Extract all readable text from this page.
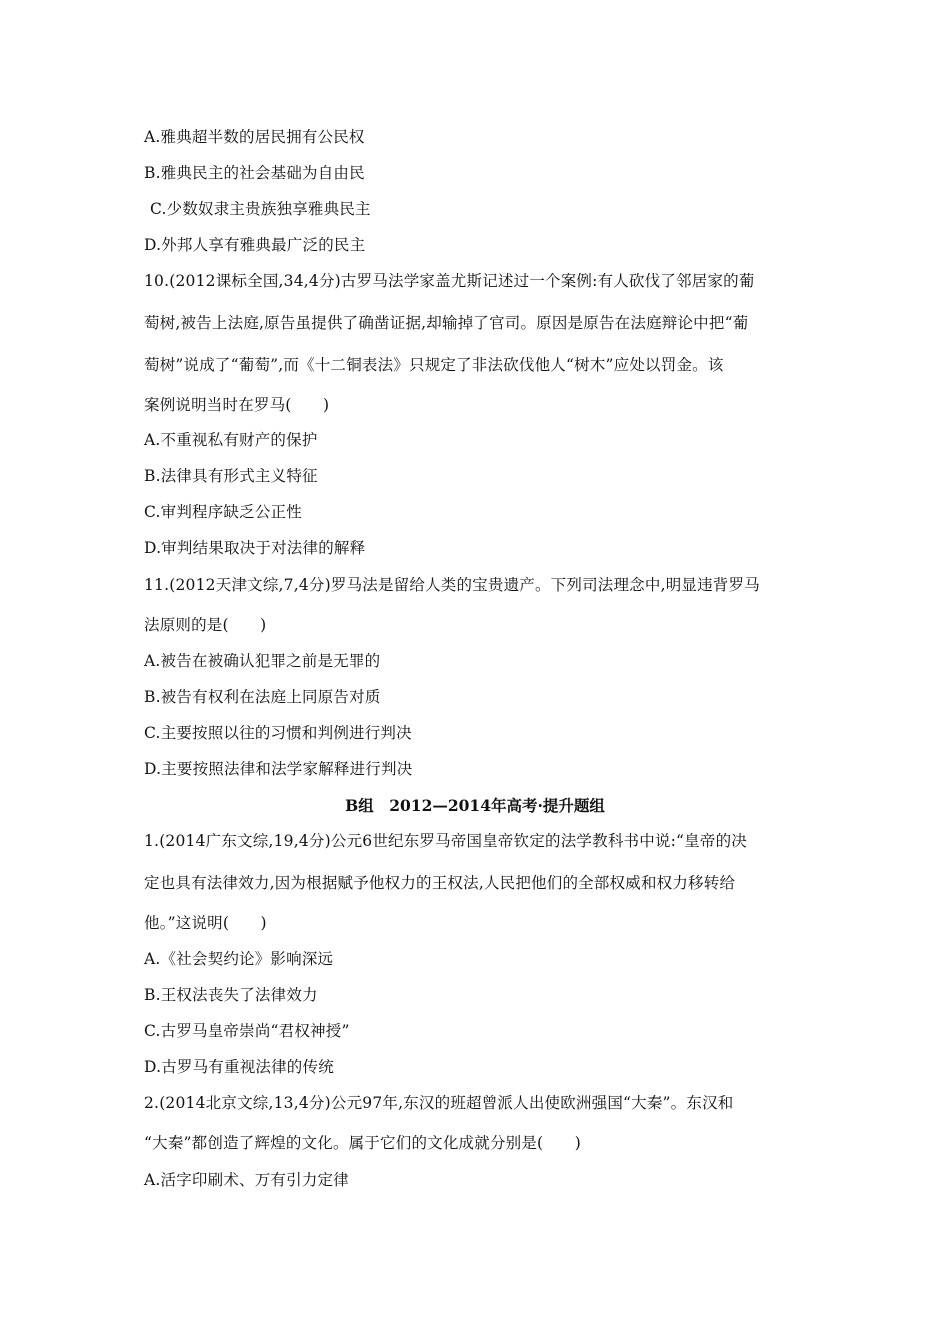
A.雅典超半数的居民拥有公民权
B.雅典民主的社会基础为自由民
C.少数奴隶主贵族独享雅典民主
D.外邦人享有雅典最广泛的民主
10.(2012课标全国,34,4分)古罗马法学家盖尤斯记述过一个案例:有人砍伐了邻居家的葡
萄树,被告上法庭,原告虽提供了确凿证据,却输掉了官司。原因是原告在法庭辩论中把“葡
萄树”说成了“葡萄”,而《十二铜表法》只规定了非法砍伐他人“树木”应处以罚金。该
案例说明当时在罗马(　　)
A.不重视私有财产的保护
B.法律具有形式主义特征
C.审判程序缺乏公正性
D.审判结果取决于对法律的解释
11.(2012天津文综,7,4分)罗马法是留给人类的宝贵遗产。下列司法理念中,明显违背罗马
法原则的是(　　)
A.被告在被确认犯罪之前是无罪的
B.被告有权利在法庭上同原告对质
C.主要按照以往的习惯和判例进行判决
D.主要按照法律和法学家解释进行判决
B组　2012—2014年高考·提升题组
1.(2014广东文综,19,4分)公元6世纪东罗马帝国皇帝钦定的法学教科书中说:“皇帝的决
定也具有法律效力,因为根据赋予他权力的王权法,人民把他们的全部权威和权力移转给
他。”这说明(　　)
A.《社会契约论》影响深远
B.王权法丧失了法律效力
C.古罗马皇帝崇尚“君权神授”
D.古罗马有重视法律的传统
2.(2014北京文综,13,4分)公元97年,东汉的班超曾派人出使欧洲强国“大秦”。东汉和
“大秦”都创造了辉煌的文化。属于它们的文化成就分别是(　　)
A.活字印刷术、万有引力定律
